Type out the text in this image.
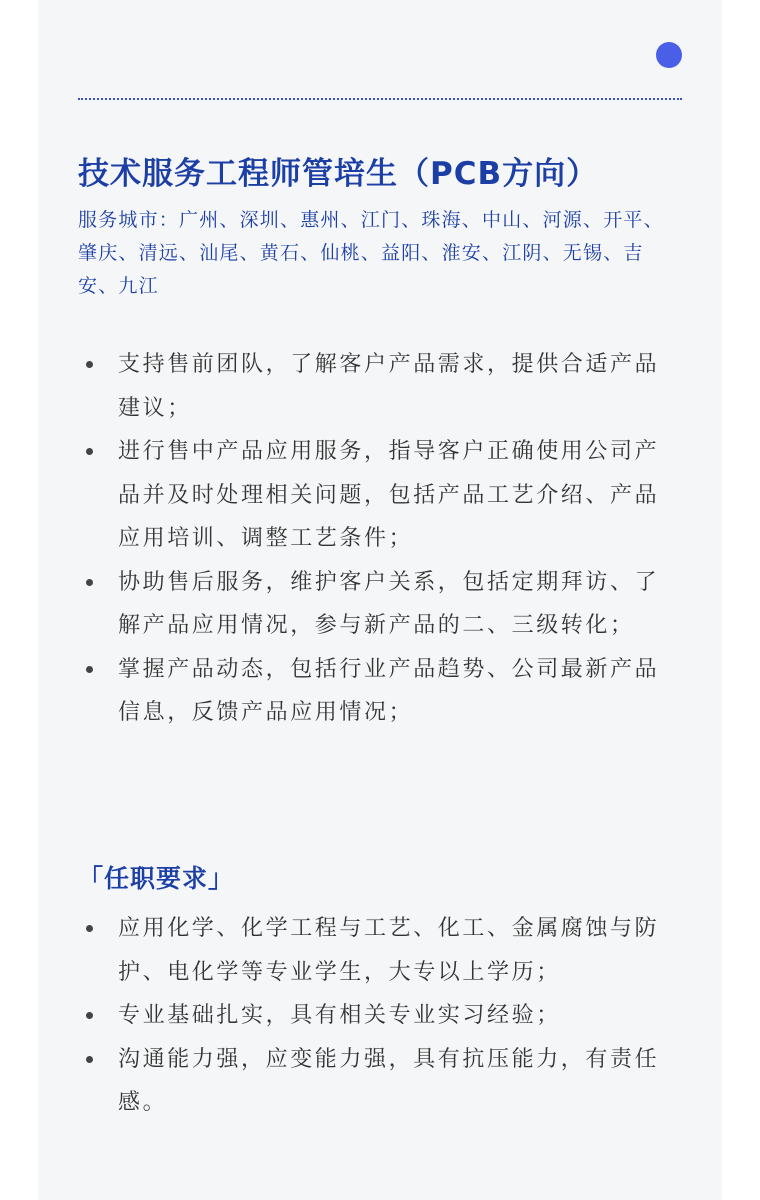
技术服务工程师管培生（PCB方向）

服务城市：广州、深圳、惠州、江门、珠海、中山、河源、开平、肇庆、清远、汕尾、黄石、仙桃、益阳、淮安、江阴、无锡、吉安、九江

支持售前团队，了解客户产品需求，提供合适产品建议；
进行售中产品应用服务，指导客户正确使用公司产品并及时处理相关问题，包括产品工艺介绍、产品应用培训、调整工艺条件；
协助售后服务，维护客户关系，包括定期拜访、了解产品应用情况，参与新产品的二、三级转化；
掌握产品动态，包括行业产品趋势、公司最新产品信息，反馈产品应用情况；
「任职要求」
应用化学、化学工程与工艺、化工、金属腐蚀与防护、电化学等专业学生，大专以上学历；
专业基础扎实，具有相关专业实习经验；
沟通能力强，应变能力强，具有抗压能力，有责任感。
